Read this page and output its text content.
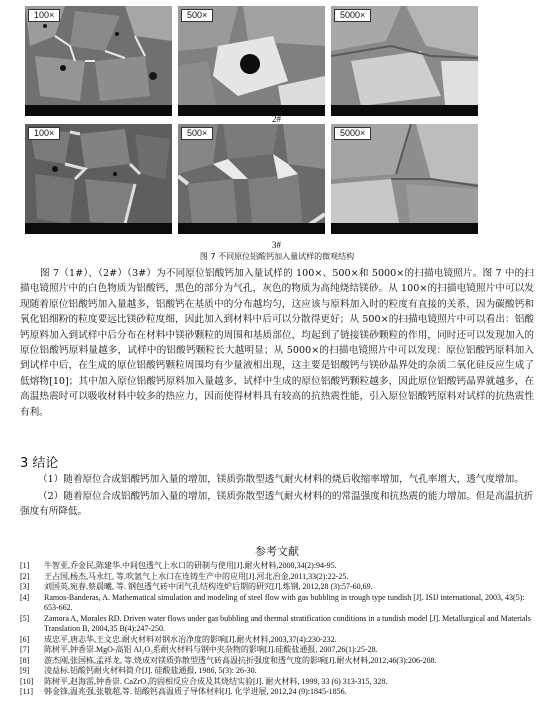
100×	500×	5000×
2#
100×	500×	5000×
3#
图 7 不同原位铝酸钙加入量试样的微观结构

图 7（1#）、（2#）（3#）为不同原位铝酸钙加入量试样的 100×、500×和 5000×的扫描电镜照片。图 7 中的扫描电镜照片中的白色物质为铝酸钙，黑色的部分为气孔，灰色的物质为高纯烧结镁砂。从 100×的扫描电镜照片中可以发现随着原位铝酸钙加入量越多，铝酸钙在基质中的分布越均匀，这应该与原料加入时的粒度有直接的关系，因为碳酸钙和氧化铝细粉的粒度要远比镁砂粒度细，因此加入到材料中后可以分散得更好；从 500×的扫描电镜照片中可以看出：铝酸钙原料加入到试样中后分布在材料中镁砂颗粒的周围和基质部位，均起到了链接镁砂颗粒的作用，同时还可以发现加入的原位铝酸钙原料量越多，试样中的铝酸钙颗粒长大越明显；从 5000×的扫描电镜照片中可以发现：原位铝酸钙原料加入到试样中后，在生成的原位铝酸钙颗粒周围均有少量液相出现，这主要是铝酸钙与镁砂晶界处的杂质二氧化硅反应生成了低熔物[10]；其中加入原位铝酸钙原料加入量越多，试样中生成的原位铝酸钙颗粒越多，因此原位铝酸钙晶界就越多，在高温热震时可以吸收材料中较多的热应力，因而使得材料具有较高的抗热震性能，引入原位铝酸钙原料对试样的抗热震性有利。

3 结论

（1）随着原位合成铝酸钙加入量的增加，镁质弥散型透气耐火材料的烧后收缩率增加，气孔率增大，透气度增加。

（2）随着原位合成铝酸钙加入量的增加，镁质弥散型透气耐火材料的的常温强度和抗热震的能力增加。但是高温抗折强度有所降低。

参考文献
[1]	牛智亚,乔金民,陈建华.中间包透气上水口的研制与使用[J].耐火材料,2000,34(2):94-95.
[2]	王占国,杨杰,马永红, 等.吹氩气上水口在连铸生产中的应用[J].河北冶金,2011,33(2):22-25.
[3]	刘国英,宛春,蔡晨曦, 等. 钢包透气砖中闭气孔结构连炉后期的研究[J].炼钢, 2012,28 (3):57-60,69.
[4]	Ramos-Banderas, A. Mathematical simulation and modeling of steel flow with gas bubbling in trough type tundish [J]. ISIJ international, 2003, 43(5): 653-662.
[5]	Zamora A, Morales RD. Driven water flows under gas bubbling and thermal stratification conditions in a tundish model [J]. Metallurgical and Materials Translation B, 2004,35 B(4):247-250.
[6]	成忠平,唐志华,王文忠.耐火材料对钢水冶净度的影响[J].耐火材料,2003,37(4):230-232.
[7]	陈树平,钟香崇.MgO-高铝 Al₂O₃系耐火材料与钢中夹杂物的影响[J].硅酸盐通报, 2007,26(1):25-28.
[8]	游杰刚,张国栋,孟祥龙, 等.烧成对镁质弥散型透气砖高温抗折强度和透气度的影响[J].耐火材料,2012,46(3):206-208.
[9]	凌益标.铝酸钙耐火材料简介[J]. 硅酸盐通报, 1986, 5(3): 26-30.
[10]	陈树平,赵海雷,钟香崇. CaZrO₃的固相反应合成及其烧结实验[J]. 耐火材料, 1999, 33 (6) 313-315, 328.
[11]	韩金锋,温兆强,张敬超,等. 铝酸钙高温质子导体材料[J]. 化学进展, 2012,24 (9):1845-1856.
